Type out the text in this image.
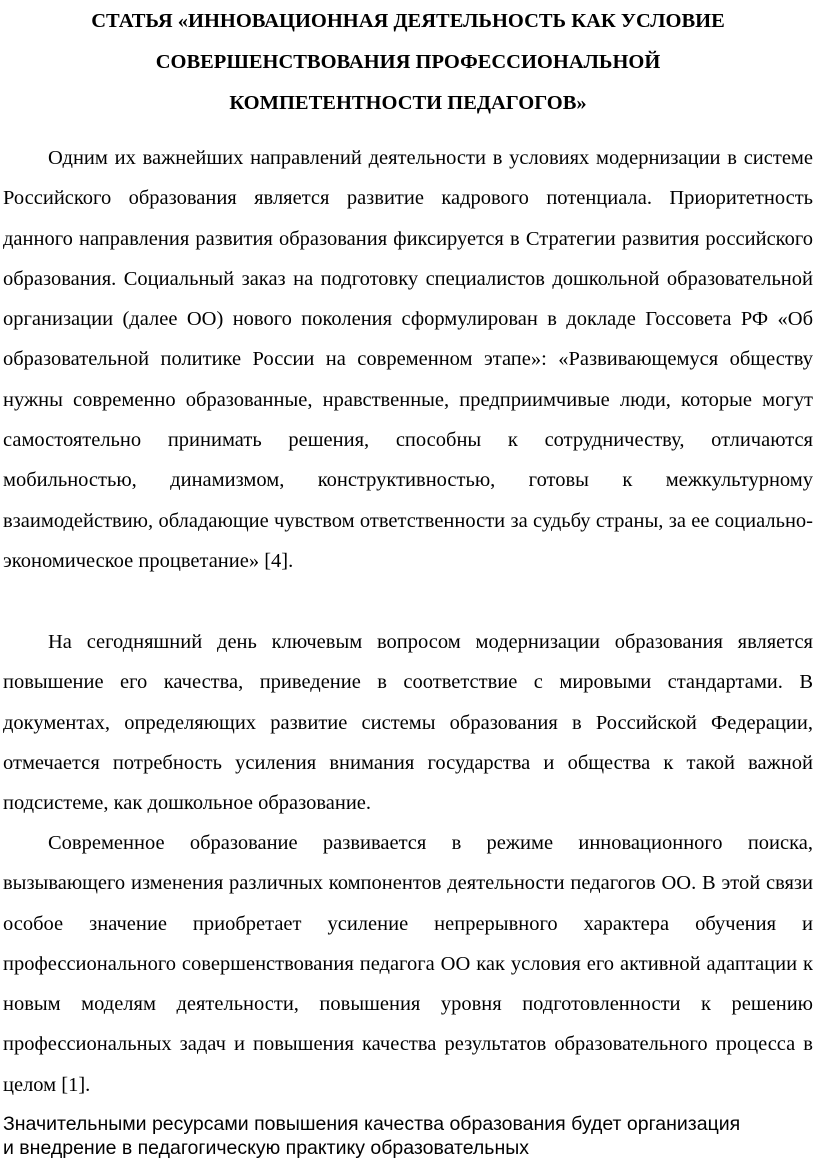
СТАТЬЯ «ИННОВАЦИОННАЯ ДЕЯТЕЛЬНОСТЬ КАК УСЛОВИЕ
СОВЕРШЕНСТВОВАНИЯ ПРОФЕССИОНАЛЬНОЙ
КОМПЕТЕНТНОСТИ ПЕДАГОГОВ»

Одним их важнейших направлений деятельности в условиях модернизации в системе Российского образования является развитие кадрового потенциала. Приоритетность данного направления развития образования фиксируется в Стратегии развития российского образования. Социальный заказ на подготовку специалистов дошкольной образовательной организации (далее ОО) нового поколения сформулирован в докладе Госсовета РФ «Об образовательной политике России на современном этапе»: «Развивающемуся обществу нужны современно образованные, нравственные, предприимчивые люди, которые могут самостоятельно принимать решения, способны к сотрудничеству, отличаются мобильностью, динамизмом, конструктивностью, готовы к межкультурному взаимодействию, обладающие чувством ответственности за судьбу страны, за ее социально-экономическое процветание» [4].

На сегодняшний день ключевым вопросом модернизации образования является повышение его качества, приведение в соответствие с мировыми стандартами. В документах, определяющих развитие системы образования в Российской Федерации, отмечается потребность усиления внимания государства и общества к такой важной подсистеме, как дошкольное образование.

Современное образование развивается в режиме инновационного поиска, вызывающего изменения различных компонентов деятельности педагогов ОО. В этой связи особое значение приобретает усиление непрерывного характера обучения и профессионального совершенствования педагога ОО как условия его активной адаптации к новым моделям деятельности, повышения уровня подготовленности к решению профессиональных задач и повышения качества результатов образовательного процесса в целом [1].

Значительными ресурсами повышения качества образования будет организация
и внедрение в педагогическую практику образовательных
